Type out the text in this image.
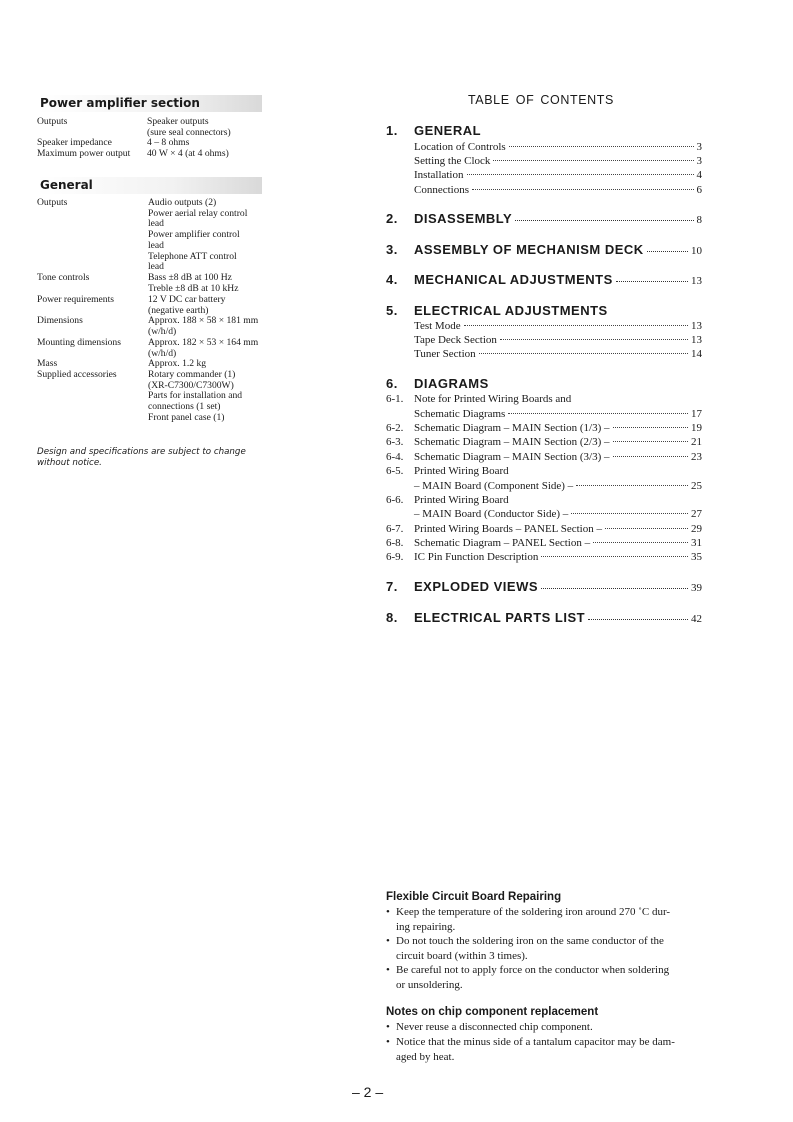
Power amplifier section
Outputs	Speaker outputs
(sure seal connectors)
Speaker impedance	4 – 8 ohms
Maximum power output	40 W × 4 (at 4 ohms)
General
Outputs	Audio outputs (2)
Power aerial relay control
lead
Power amplifier control
lead
Telephone ATT control
lead
Tone controls	Bass ±8 dB at 100 Hz
Treble ±8 dB at 10 kHz
Power requirements	12 V DC car battery
(negative earth)
Dimensions	Approx. 188 × 58 × 181 mm
(w/h/d)
Mounting dimensions	Approx. 182 × 53 × 164 mm
(w/h/d)
Mass	Approx. 1.2 kg
Supplied accessories	Rotary commander (1)
(XR-C7300/C7300W)
Parts for installation and
connections (1 set)
Front panel case (1)
Design and specifications are subject to change
without notice.
TABLE OF CONTENTS
1.	GENERAL
Location of Controls	3
Setting the Clock	3
Installation	4
Connections	6
2.	DISASSEMBLY	8
3.	ASSEMBLY OF MECHANISM DECK	10
4.	MECHANICAL ADJUSTMENTS	13
5.	ELECTRICAL ADJUSTMENTS
Test Mode	13
Tape Deck Section	13
Tuner Section	14
6.	DIAGRAMS
6-1. Note for Printed Wiring Boards and
Schematic Diagrams	17
6-2. Schematic Diagram – MAIN Section (1/3) –	19
6-3. Schematic Diagram – MAIN Section (2/3) –	21
6-4. Schematic Diagram – MAIN Section (3/3) –	23
6-5. Printed Wiring Board
– MAIN Board (Component Side) –	25
6-6. Printed Wiring Board
– MAIN Board (Conductor Side) –	27
6-7. Printed Wiring Boards – PANEL Section –	29
6-8. Schematic Diagram – PANEL Section –	31
6-9. IC Pin Function Description	35
7.	EXPLODED VIEWS	39
8.	ELECTRICAL PARTS LIST	42
Flexible Circuit Board Repairing
• Keep the temperature of the soldering iron around 270 ˚C dur-
ing repairing.
• Do not touch the soldering iron on the same conductor of the
circuit board (within 3 times).
• Be careful not to apply force on the conductor when soldering
or unsoldering.
Notes on chip component replacement
• Never reuse a disconnected chip component.
• Notice that the minus side of a tantalum capacitor may be dam-
aged by heat.
– 2 –
